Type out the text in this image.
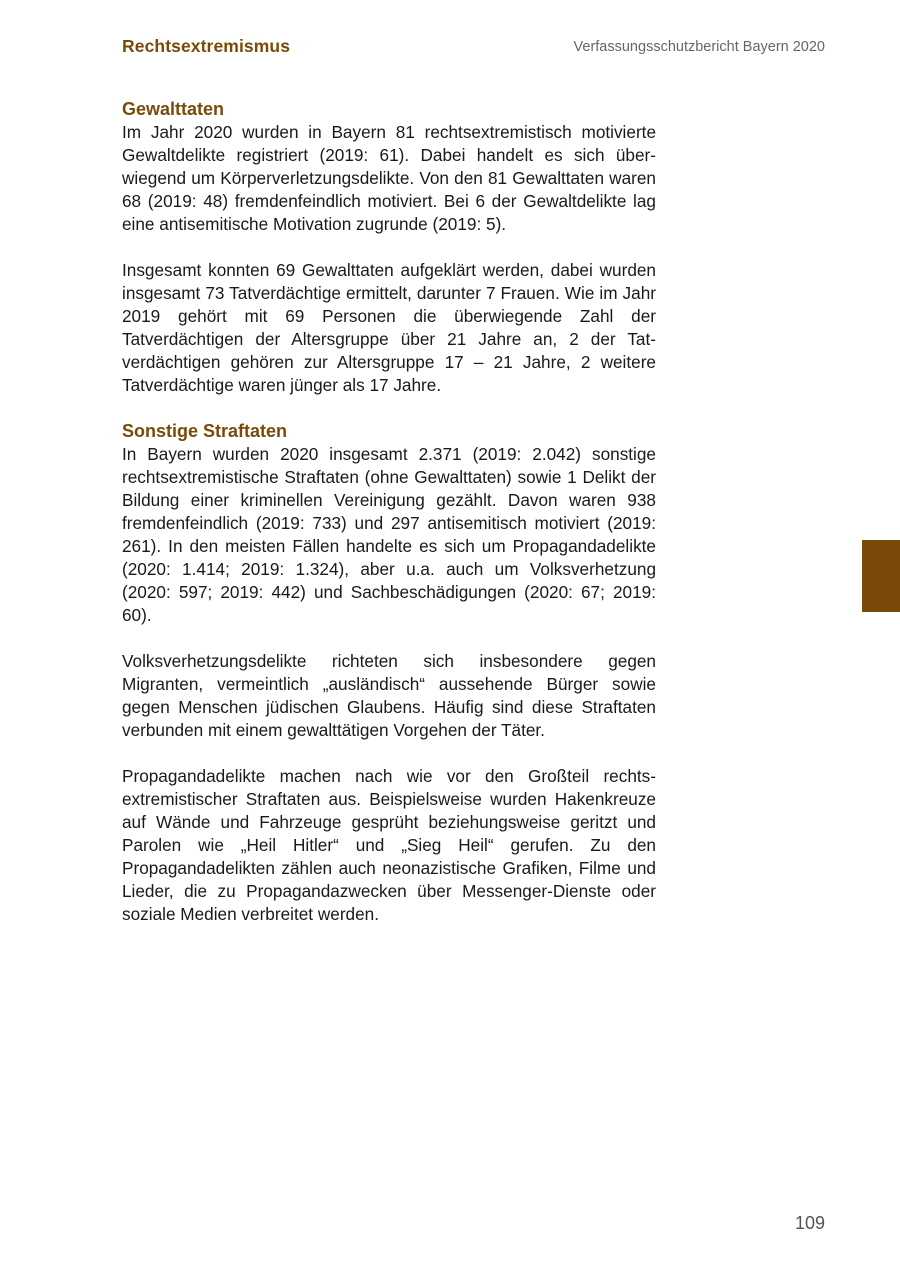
Rechtsextremismus	Verfassungsschutzbericht Bayern 2020
Gewalttaten

Im Jahr 2020 wurden in Bayern 81 rechtsextremistisch motivierte Gewaltdelikte registriert (2019: 61). Dabei handelt es sich überwiegend um Körperverletzungsdelikte. Von den 81 Gewalttaten waren 68 (2019: 48) fremdenfeindlich motiviert. Bei 6 der Gewaltdelikte lag eine antisemitische Motivation zugrunde (2019: 5).

Insgesamt konnten 69 Gewalttaten aufgeklärt werden, dabei wurden insgesamt 73 Tatverdächtige ermittelt, darunter 7 Frauen. Wie im Jahr 2019 gehört mit 69 Personen die überwiegende Zahl der Tatverdächtigen der Altersgruppe über 21 Jahre an, 2 der Tatverdächtigen gehören zur Altersgruppe 17 – 21 Jahre, 2 weitere Tatverdächtige waren jünger als 17 Jahre.

Sonstige Straftaten

In Bayern wurden 2020 insgesamt 2.371 (2019: 2.042) sonstige rechtsextremistische Straftaten (ohne Gewalttaten) sowie 1 Delikt der Bildung einer kriminellen Vereinigung gezählt. Davon waren 938 fremdenfeindlich (2019: 733) und 297 antisemitisch motiviert (2019: 261). In den meisten Fällen handelte es sich um Propagandadelikte (2020: 1.414; 2019: 1.324), aber u.a. auch um Volksverhetzung (2020: 597; 2019: 442) und Sachbeschädigungen (2020: 67; 2019: 60).

Volksverhetzungsdelikte richteten sich insbesondere gegen Migranten, vermeintlich „ausländisch“ aussehende Bürger sowie gegen Menschen jüdischen Glaubens. Häufig sind diese Straftaten verbunden mit einem gewalttätigen Vorgehen der Täter.

Propagandadelikte machen nach wie vor den Großteil rechtsextremistischer Straftaten aus. Beispielsweise wurden Hakenkreuze auf Wände und Fahrzeuge gesprüht beziehungsweise geritzt und Parolen wie „Heil Hitler“ und „Sieg Heil“ gerufen. Zu den Propagandadelikten zählen auch neonazistische Grafiken, Filme und Lieder, die zu Propagandazwecken über Messenger-Dienste oder soziale Medien verbreitet werden.

109
